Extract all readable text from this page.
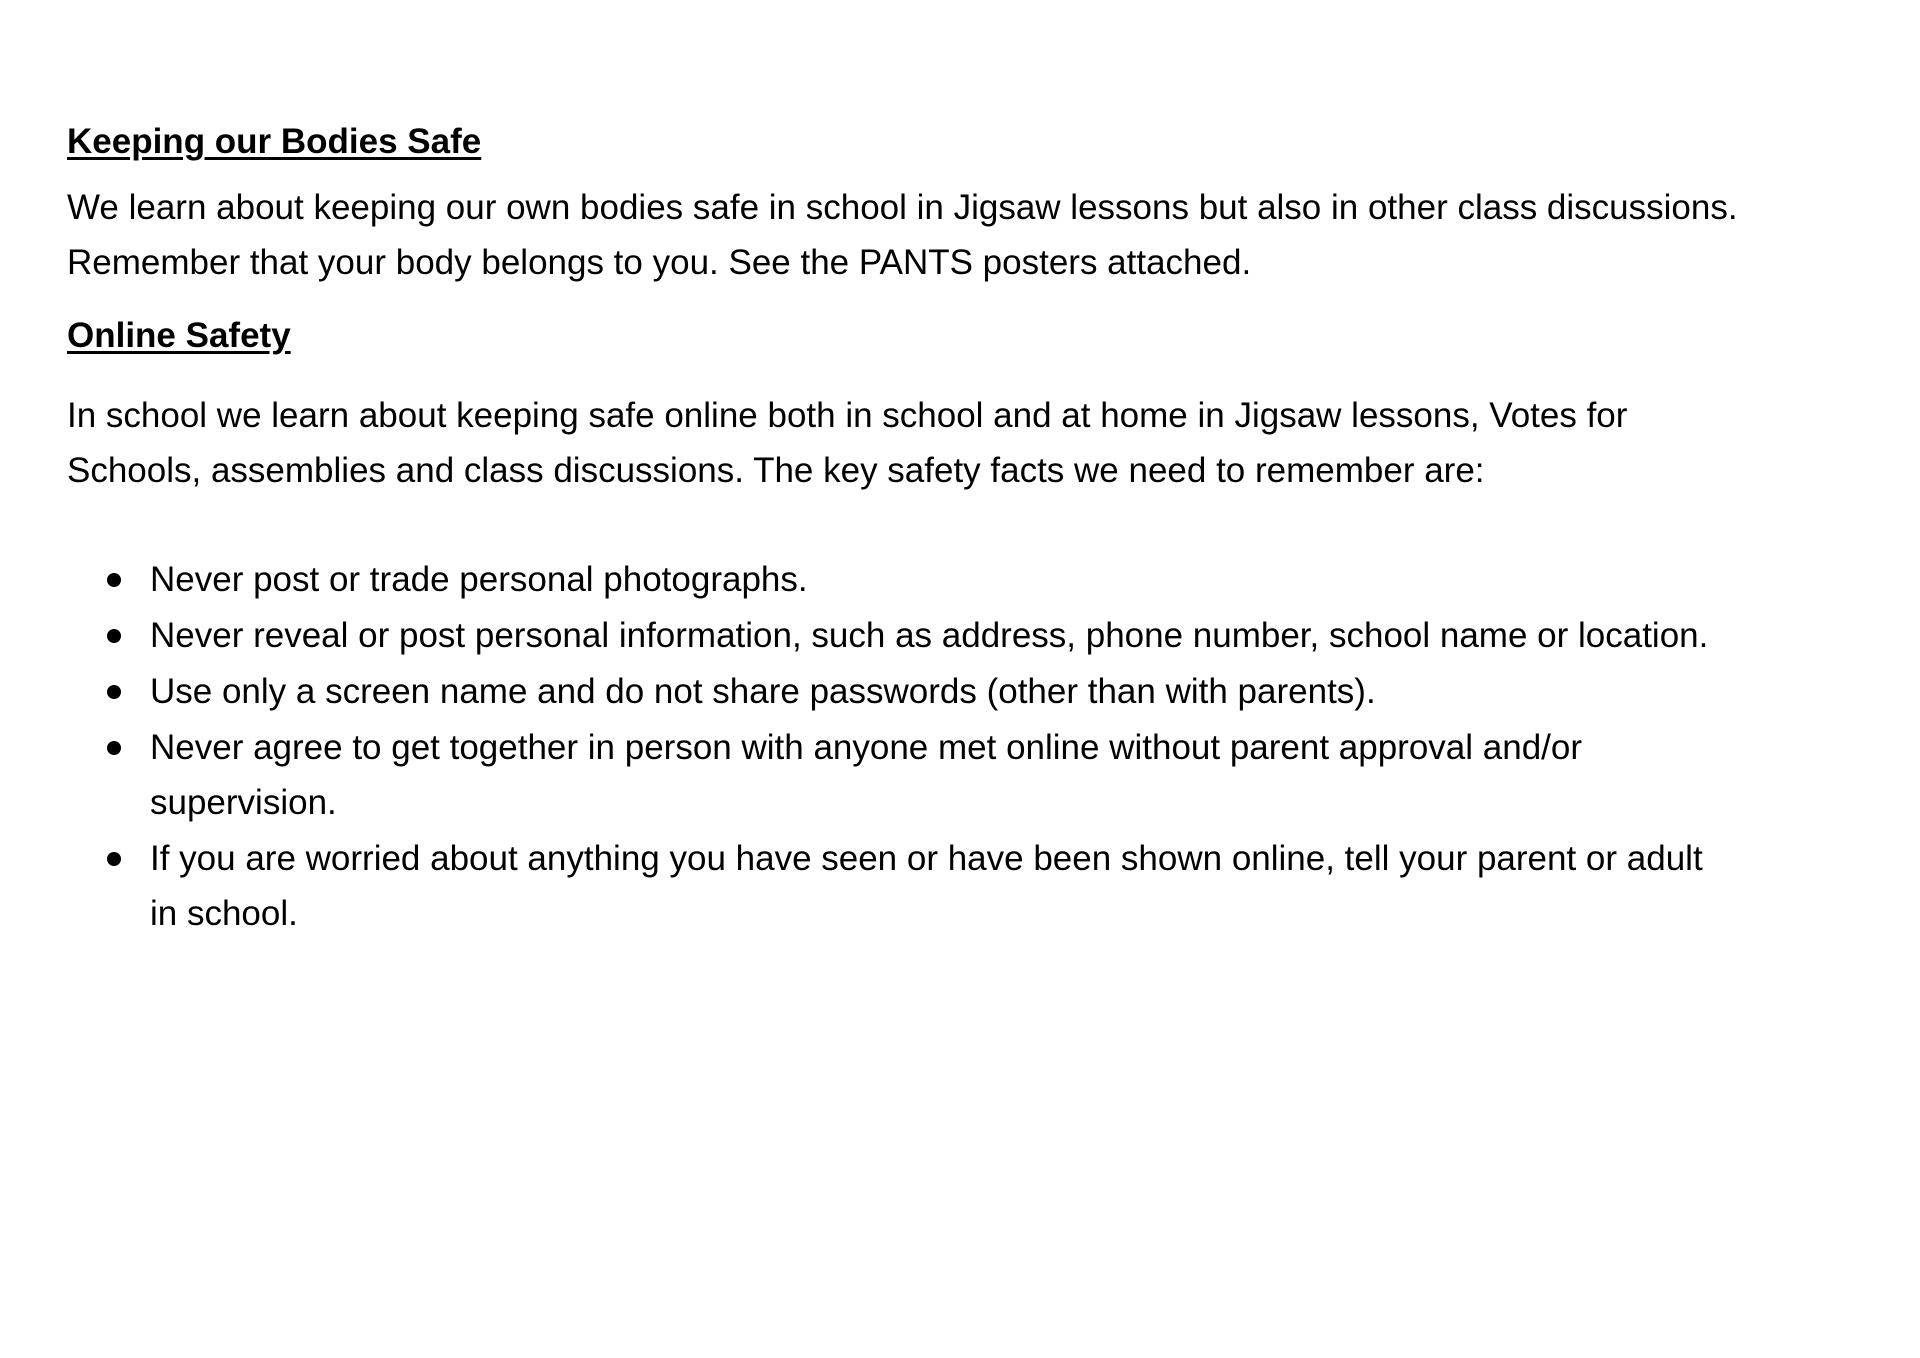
Keeping our Bodies Safe

We learn about keeping our own bodies safe in school in Jigsaw lessons but also in other class discussions.
Remember that your body belongs to you. See the PANTS posters attached.

Online Safety

In school we learn about keeping safe online both in school and at home in Jigsaw lessons, Votes for
Schools, assemblies and class discussions. The key safety facts we need to remember are:

Never post or trade personal photographs.
Never reveal or post personal information, such as address, phone number, school name or location.
Use only a screen name and do not share passwords (other than with parents).
Never agree to get together in person with anyone met online without parent approval and/or
supervision.
If you are worried about anything you have seen or have been shown online, tell your parent or adult
in school.
